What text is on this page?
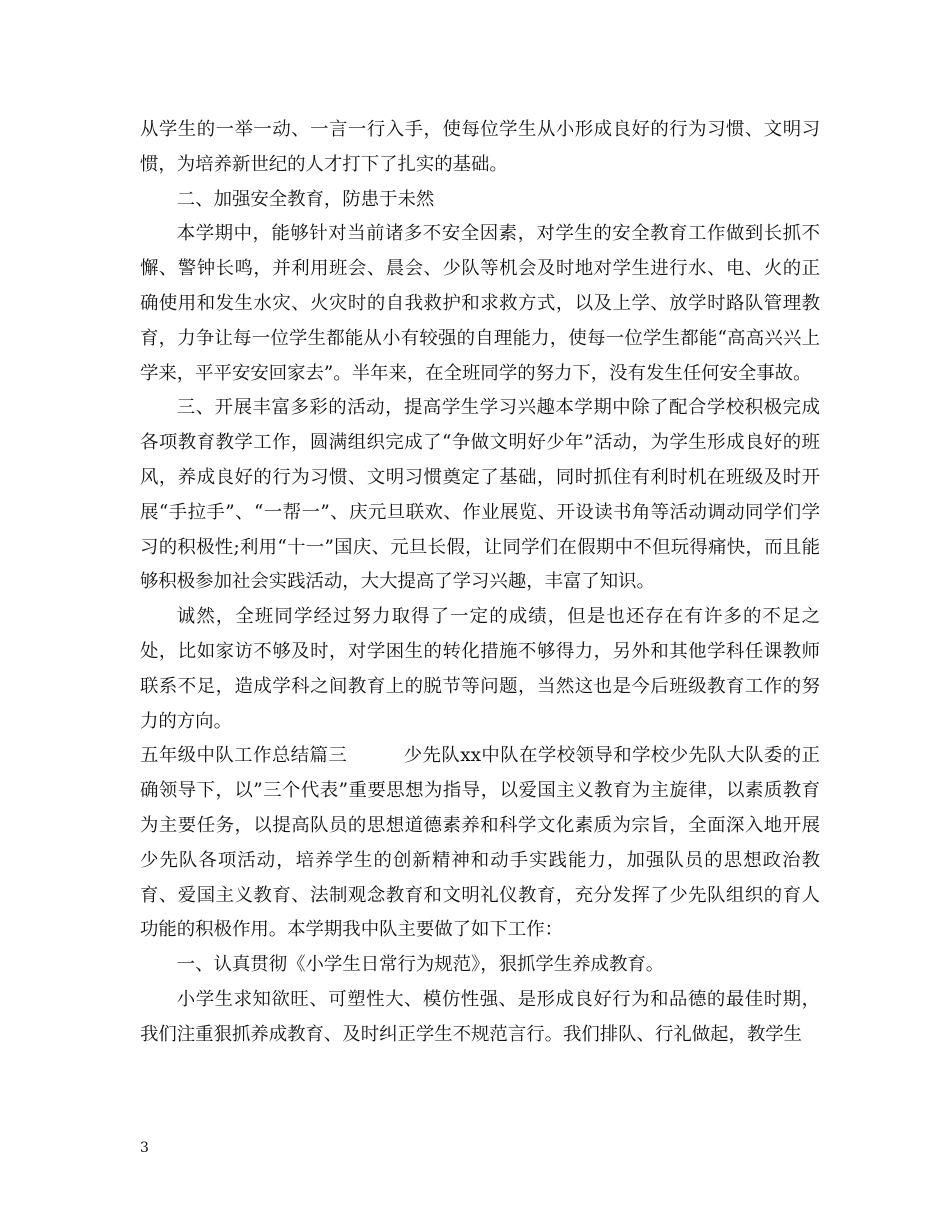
从学生的一举一动、一言一行入手，使每位学生从小形成良好的行为习惯、文明习惯，为培养新世纪的人才打下了扎实的基础。

二、加强安全教育，防患于未然

本学期中，能够针对当前诸多不安全因素，对学生的安全教育工作做到长抓不懈、警钟长鸣，并利用班会、晨会、少队等机会及时地对学生进行水、电、火的正确使用和发生水灾、火灾时的自我救护和求救方式，以及上学、放学时路队管理教育，力争让每一位学生都能从小有较强的自理能力，使每一位学生都能“高高兴兴上学来，平平安安回家去”。半年来，在全班同学的努力下，没有发生任何安全事故。

三、开展丰富多彩的活动，提高学生学习兴趣本学期中除了配合学校积极完成各项教育教学工作，圆满组织完成了“争做文明好少年”活动，为学生形成良好的班风，养成良好的行为习惯、文明习惯奠定了基础，同时抓住有利时机在班级及时开展“手拉手”、“一帮一”、庆元旦联欢、作业展览、开设读书角等活动调动同学们学习的积极性;利用“十一”国庆、元旦长假，让同学们在假期中不但玩得痛快，而且能够积极参加社会实践活动，大大提高了学习兴趣，丰富了知识。

诚然，全班同学经过努力取得了一定的成绩，但是也还存在有许多的不足之处，比如家访不够及时，对学困生的转化措施不够得力，另外和其他学科任课教师联系不足，造成学科之间教育上的脱节等问题，当然这也是今后班级教育工作的努力的方向。

五年级中队工作总结篇三　　　少先队xx中队在学校领导和学校少先队大队委的正确领导下，以”三个代表”重要思想为指导，以爱国主义教育为主旋律，以素质教育为主要任务，以提高队员的思想道德素养和科学文化素质为宗旨，全面深入地开展少先队各项活动，培养学生的创新精神和动手实践能力，加强队员的思想政治教育、爱国主义教育、法制观念教育和文明礼仪教育，充分发挥了少先队组织的育人功能的积极作用。本学期我中队主要做了如下工作：

一、认真贯彻《小学生日常行为规范》，狠抓学生养成教育。

小学生求知欲旺、可塑性大、模仿性强、是形成良好行为和品德的最佳时期，我们注重狠抓养成教育、及时纠正学生不规范言行。我们排队、行礼做起，教学生

3
